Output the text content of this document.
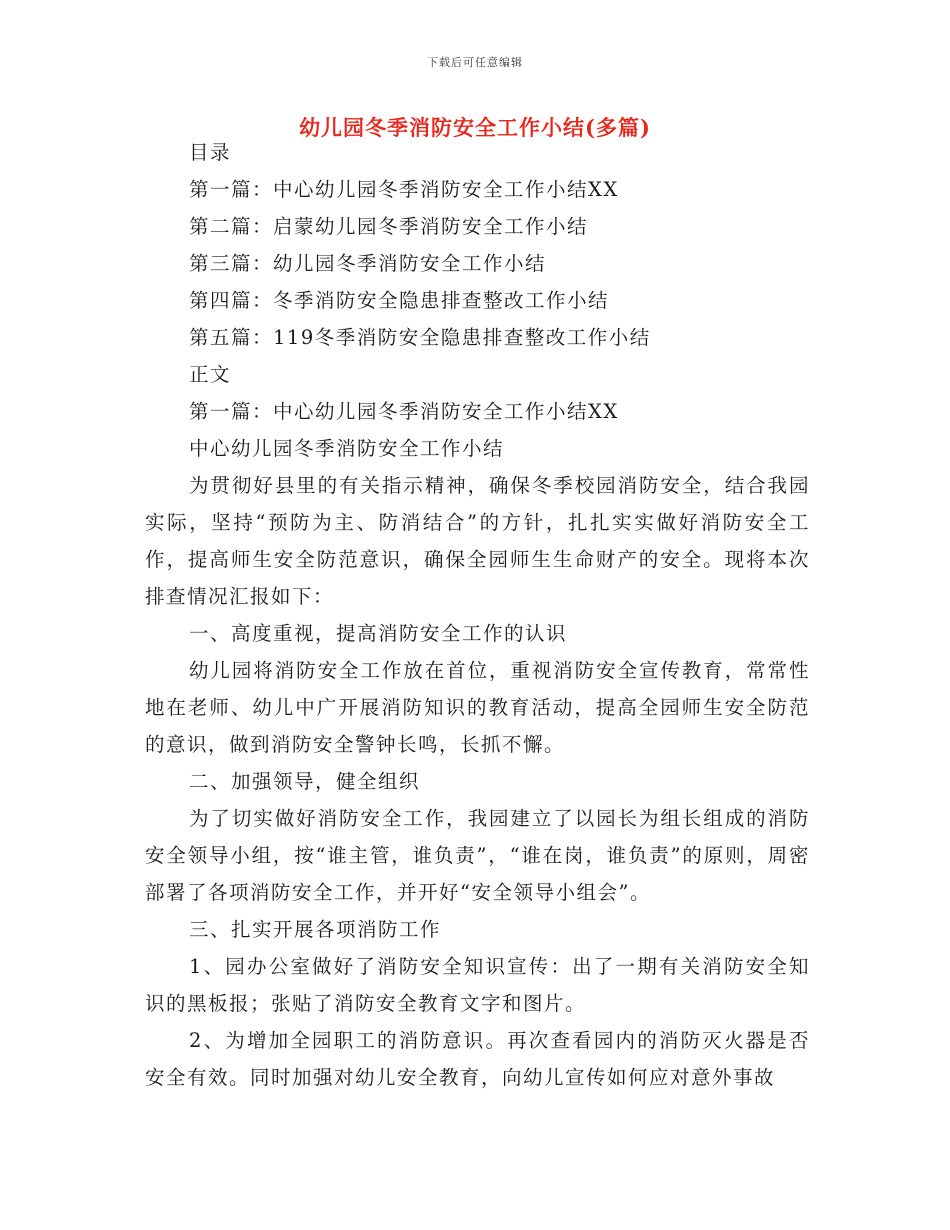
下载后可任意编辑
幼儿园冬季消防安全工作小结(多篇)

目录

第一篇：中心幼儿园冬季消防安全工作小结XX

第二篇：启蒙幼儿园冬季消防安全工作小结

第三篇：幼儿园冬季消防安全工作小结

第四篇：冬季消防安全隐患排查整改工作小结

第五篇：119冬季消防安全隐患排查整改工作小结

正文

第一篇：中心幼儿园冬季消防安全工作小结XX

中心幼儿园冬季消防安全工作小结

为贯彻好县里的有关指示精神，确保冬季校园消防安全，结合我园实际，坚持“预防为主、防消结合”的方针，扎扎实实做好消防安全工作，提高师生安全防范意识，确保全园师生生命财产的安全。现将本次排查情况汇报如下：

一、高度重视，提高消防安全工作的认识

幼儿园将消防安全工作放在首位，重视消防安全宣传教育，常常性地在老师、幼儿中广开展消防知识的教育活动，提高全园师生安全防范的意识，做到消防安全警钟长鸣，长抓不懈。

二、加强领导，健全组织

为了切实做好消防安全工作，我园建立了以园长为组长组成的消防安全领导小组，按“谁主管，谁负责”，“谁在岗，谁负责”的原则，周密部署了各项消防安全工作，并开好“安全领导小组会”。

三、扎实开展各项消防工作

1、园办公室做好了消防安全知识宣传：出了一期有关消防安全知识的黑板报；张贴了消防安全教育文字和图片。

2、为增加全园职工的消防意识。再次查看园内的消防灭火器是否安全有效。同时加强对幼儿安全教育，向幼儿宣传如何应对意外事故
